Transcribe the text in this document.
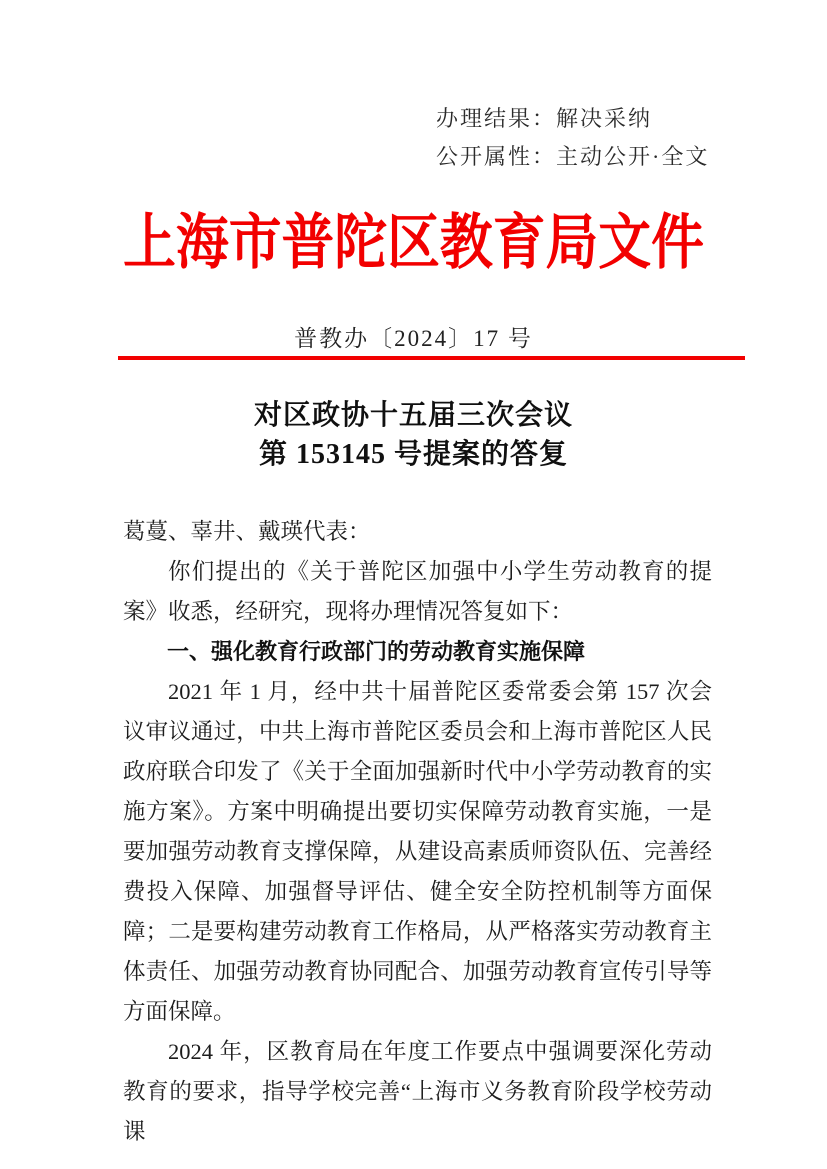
办理结果：解决采纳
公开属性：主动公开·全文
上海市普陀区教育局文件
普教办〔2024〕17 号
对区政协十五届三次会议
第 153145 号提案的答复

葛蔓、辜井、戴瑛代表：

你们提出的《关于普陀区加强中小学生劳动教育的提案》收悉，经研究，现将办理情况答复如下：

一、强化教育行政部门的劳动教育实施保障

2021 年 1 月，经中共十届普陀区委常委会第 157 次会议审议通过，中共上海市普陀区委员会和上海市普陀区人民政府联合印发了《关于全面加强新时代中小学劳动教育的实施方案》。方案中明确提出要切实保障劳动教育实施，一是要加强劳动教育支撑保障，从建设高素质师资队伍、完善经费投入保障、加强督导评估、健全安全防控机制等方面保障；二是要构建劳动教育工作格局，从严格落实劳动教育主体责任、加强劳动教育协同配合、加强劳动教育宣传引导等方面保障。

2024 年，区教育局在年度工作要点中强调要深化劳动教育的要求，指导学校完善“上海市义务教育阶段学校劳动课
